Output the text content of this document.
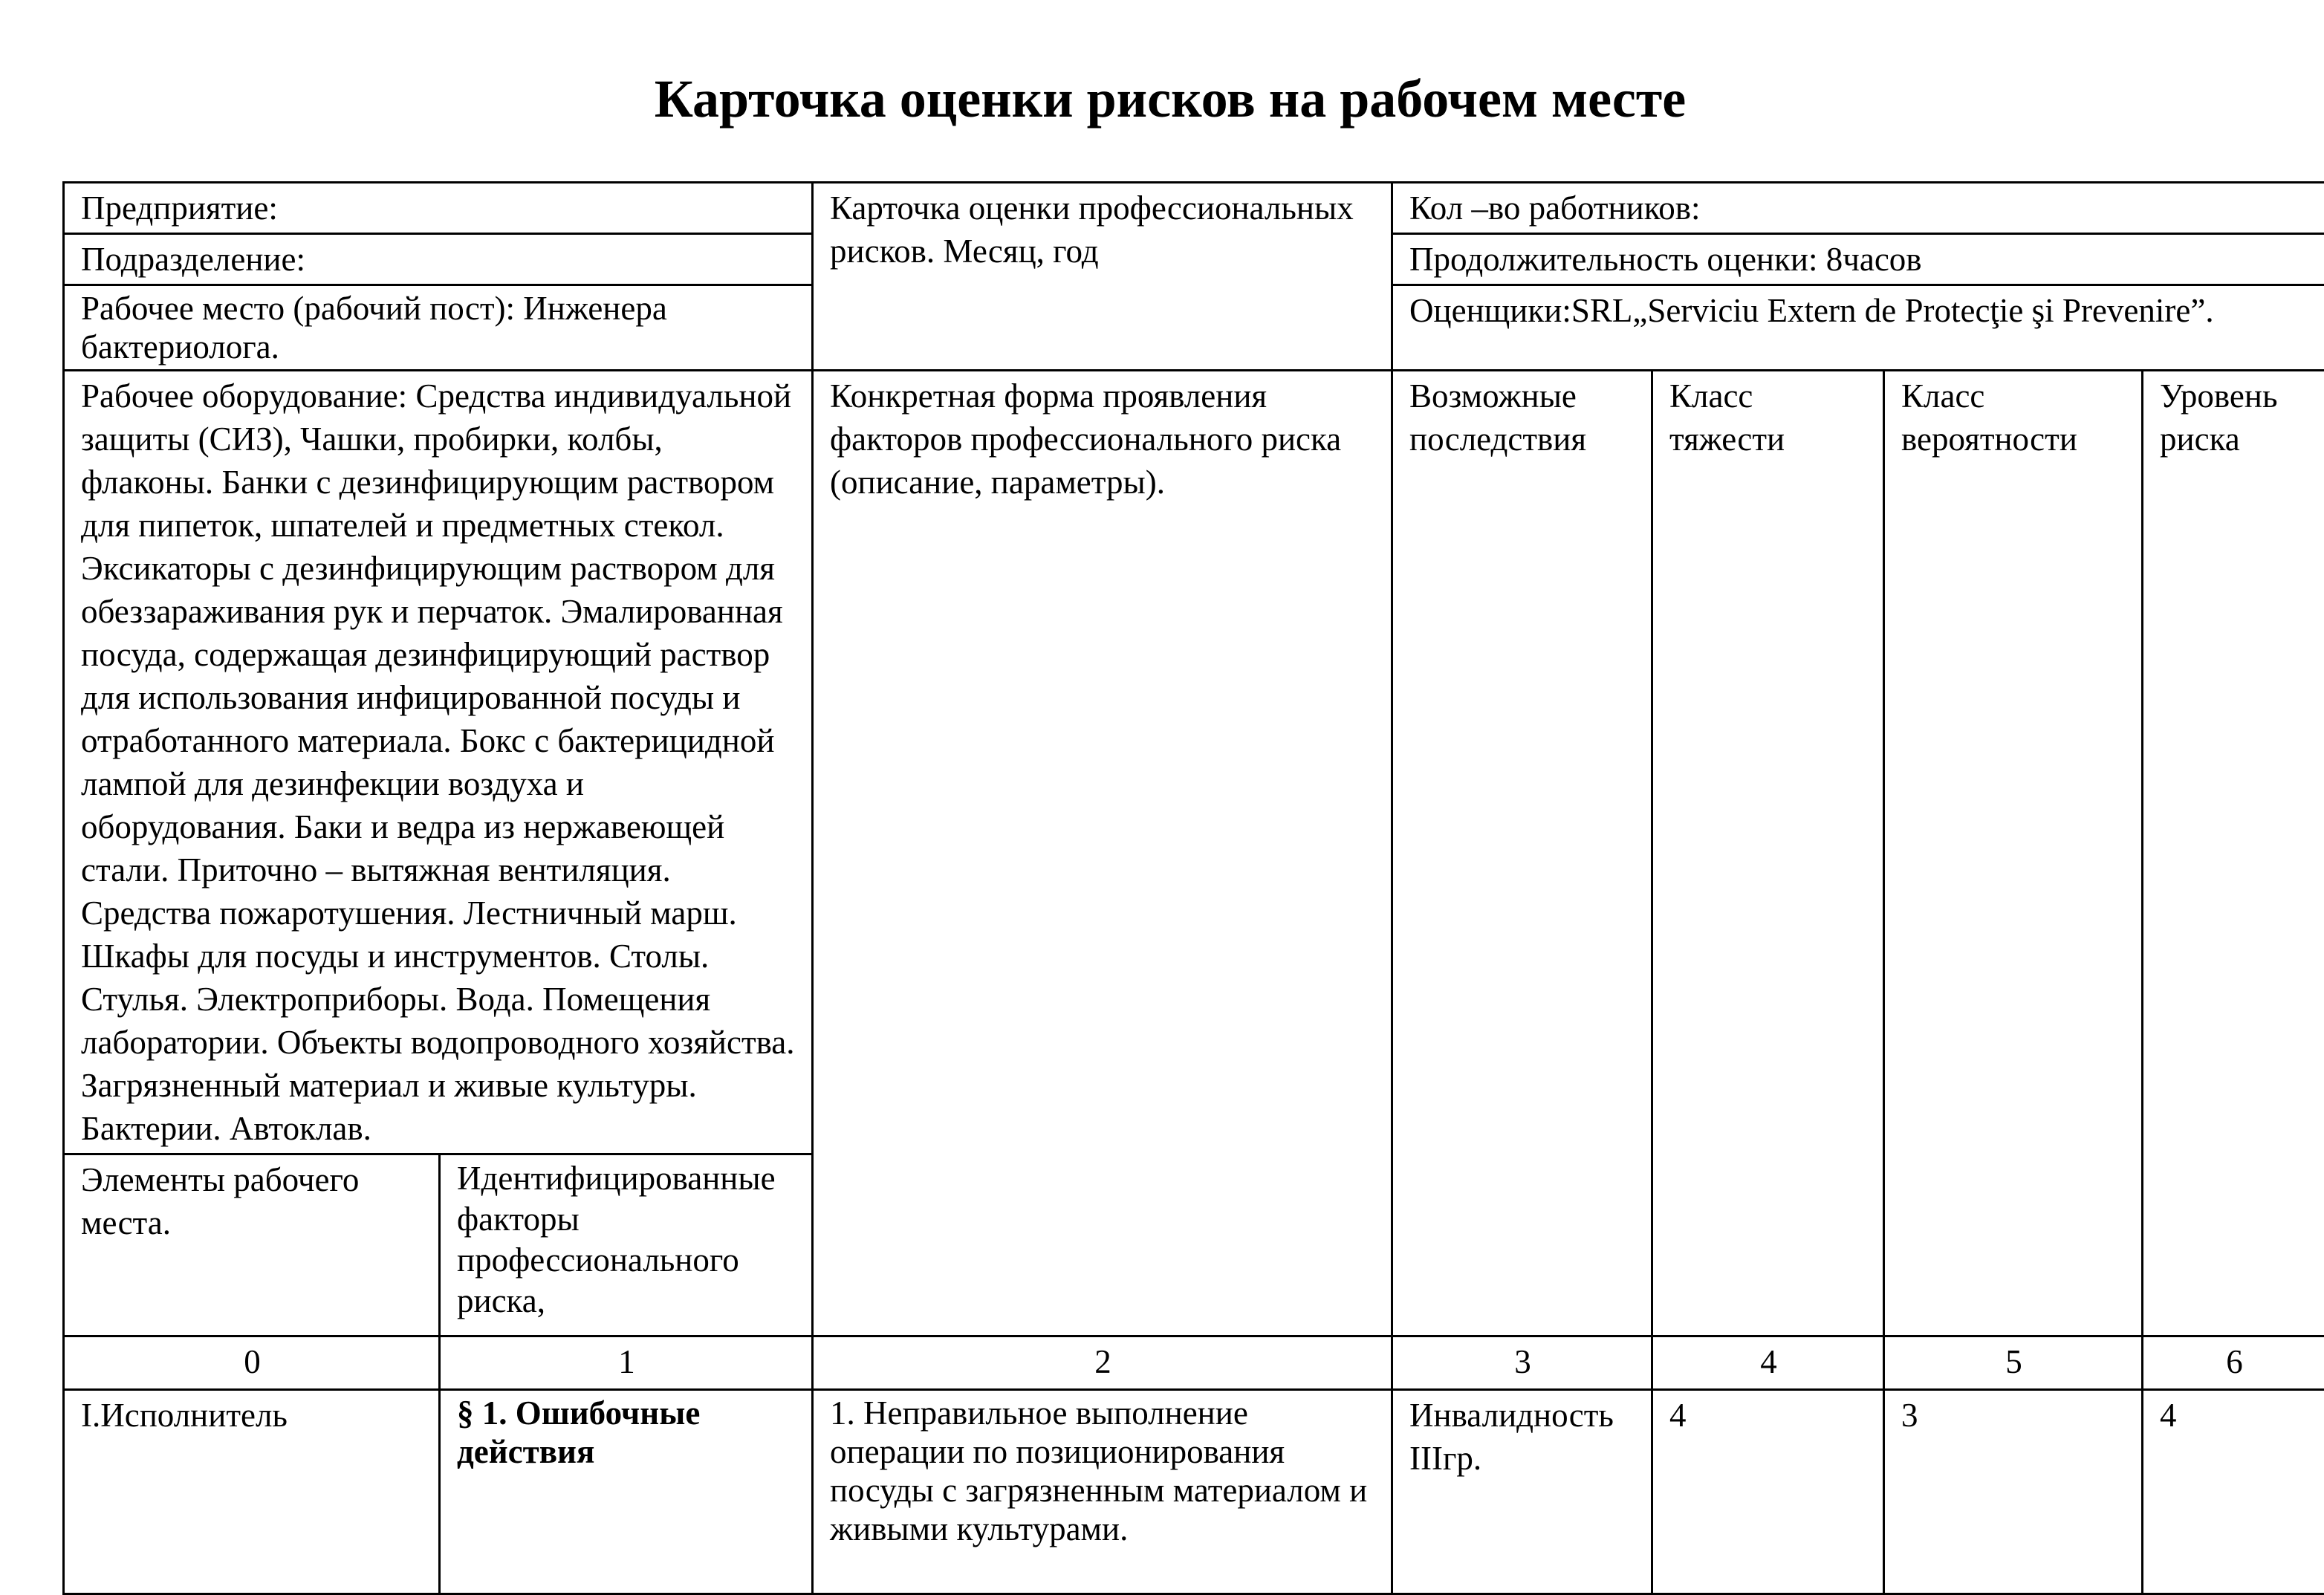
Карточка оценки рисков на рабочем месте
Предприятие:		Карточка оценки профессиональных рисков. Месяц, год	Кол –во работников:			
Подразделение:			Продолжительность оценки: 8часов			
Рабочее место (рабочий пост): Инженера бактериолога.			Оценщики:SRL„Serviciu Extern de Protecţie şi Prevenire”.			
Рабочее оборудование: Средства индивидуальной защиты (СИЗ), Чашки, пробирки, колбы, флаконы. Банки с дезинфицирующим раствором для пипеток, шпателей и предметных стекол. Эксикаторы с дезинфицирующим раствором для обеззараживания рук и перчаток. Эмалированная посуда, содержащая дезинфицирующий раствор для использования инфицированной посуды и отработанного материала. Бокс с бактерицидной лампой для дезинфекции воздуха и оборудования. Баки и ведра из нержавеющей стали. Приточно – вытяжная вентиляция. Средства пожаротушения. Лестничный марш. Шкафы для посуды и инструментов. Столы. Стулья. Электроприборы. Вода. Помещения лаборатории. Объекты водопроводного хозяйства. Загрязненный материал и живые культуры. Бактерии. Автоклав.		Конкретная форма проявления факторов профессионального риска (описание, параметры).	Возможные последствия	Класс тяжести	Класс вероятности	Уровень риска
Элементы рабочего места.	Идентифицированные факторы профессионального риска,					
0	1	2	3	4	5	6
I.Исполнитель	§ 1. Ошибочные действия	1. Неправильное выполнение операции по позиционирования посуды с загрязненным материалом и живыми культурами.	Инвалидность IIIгр.	4	3	4
